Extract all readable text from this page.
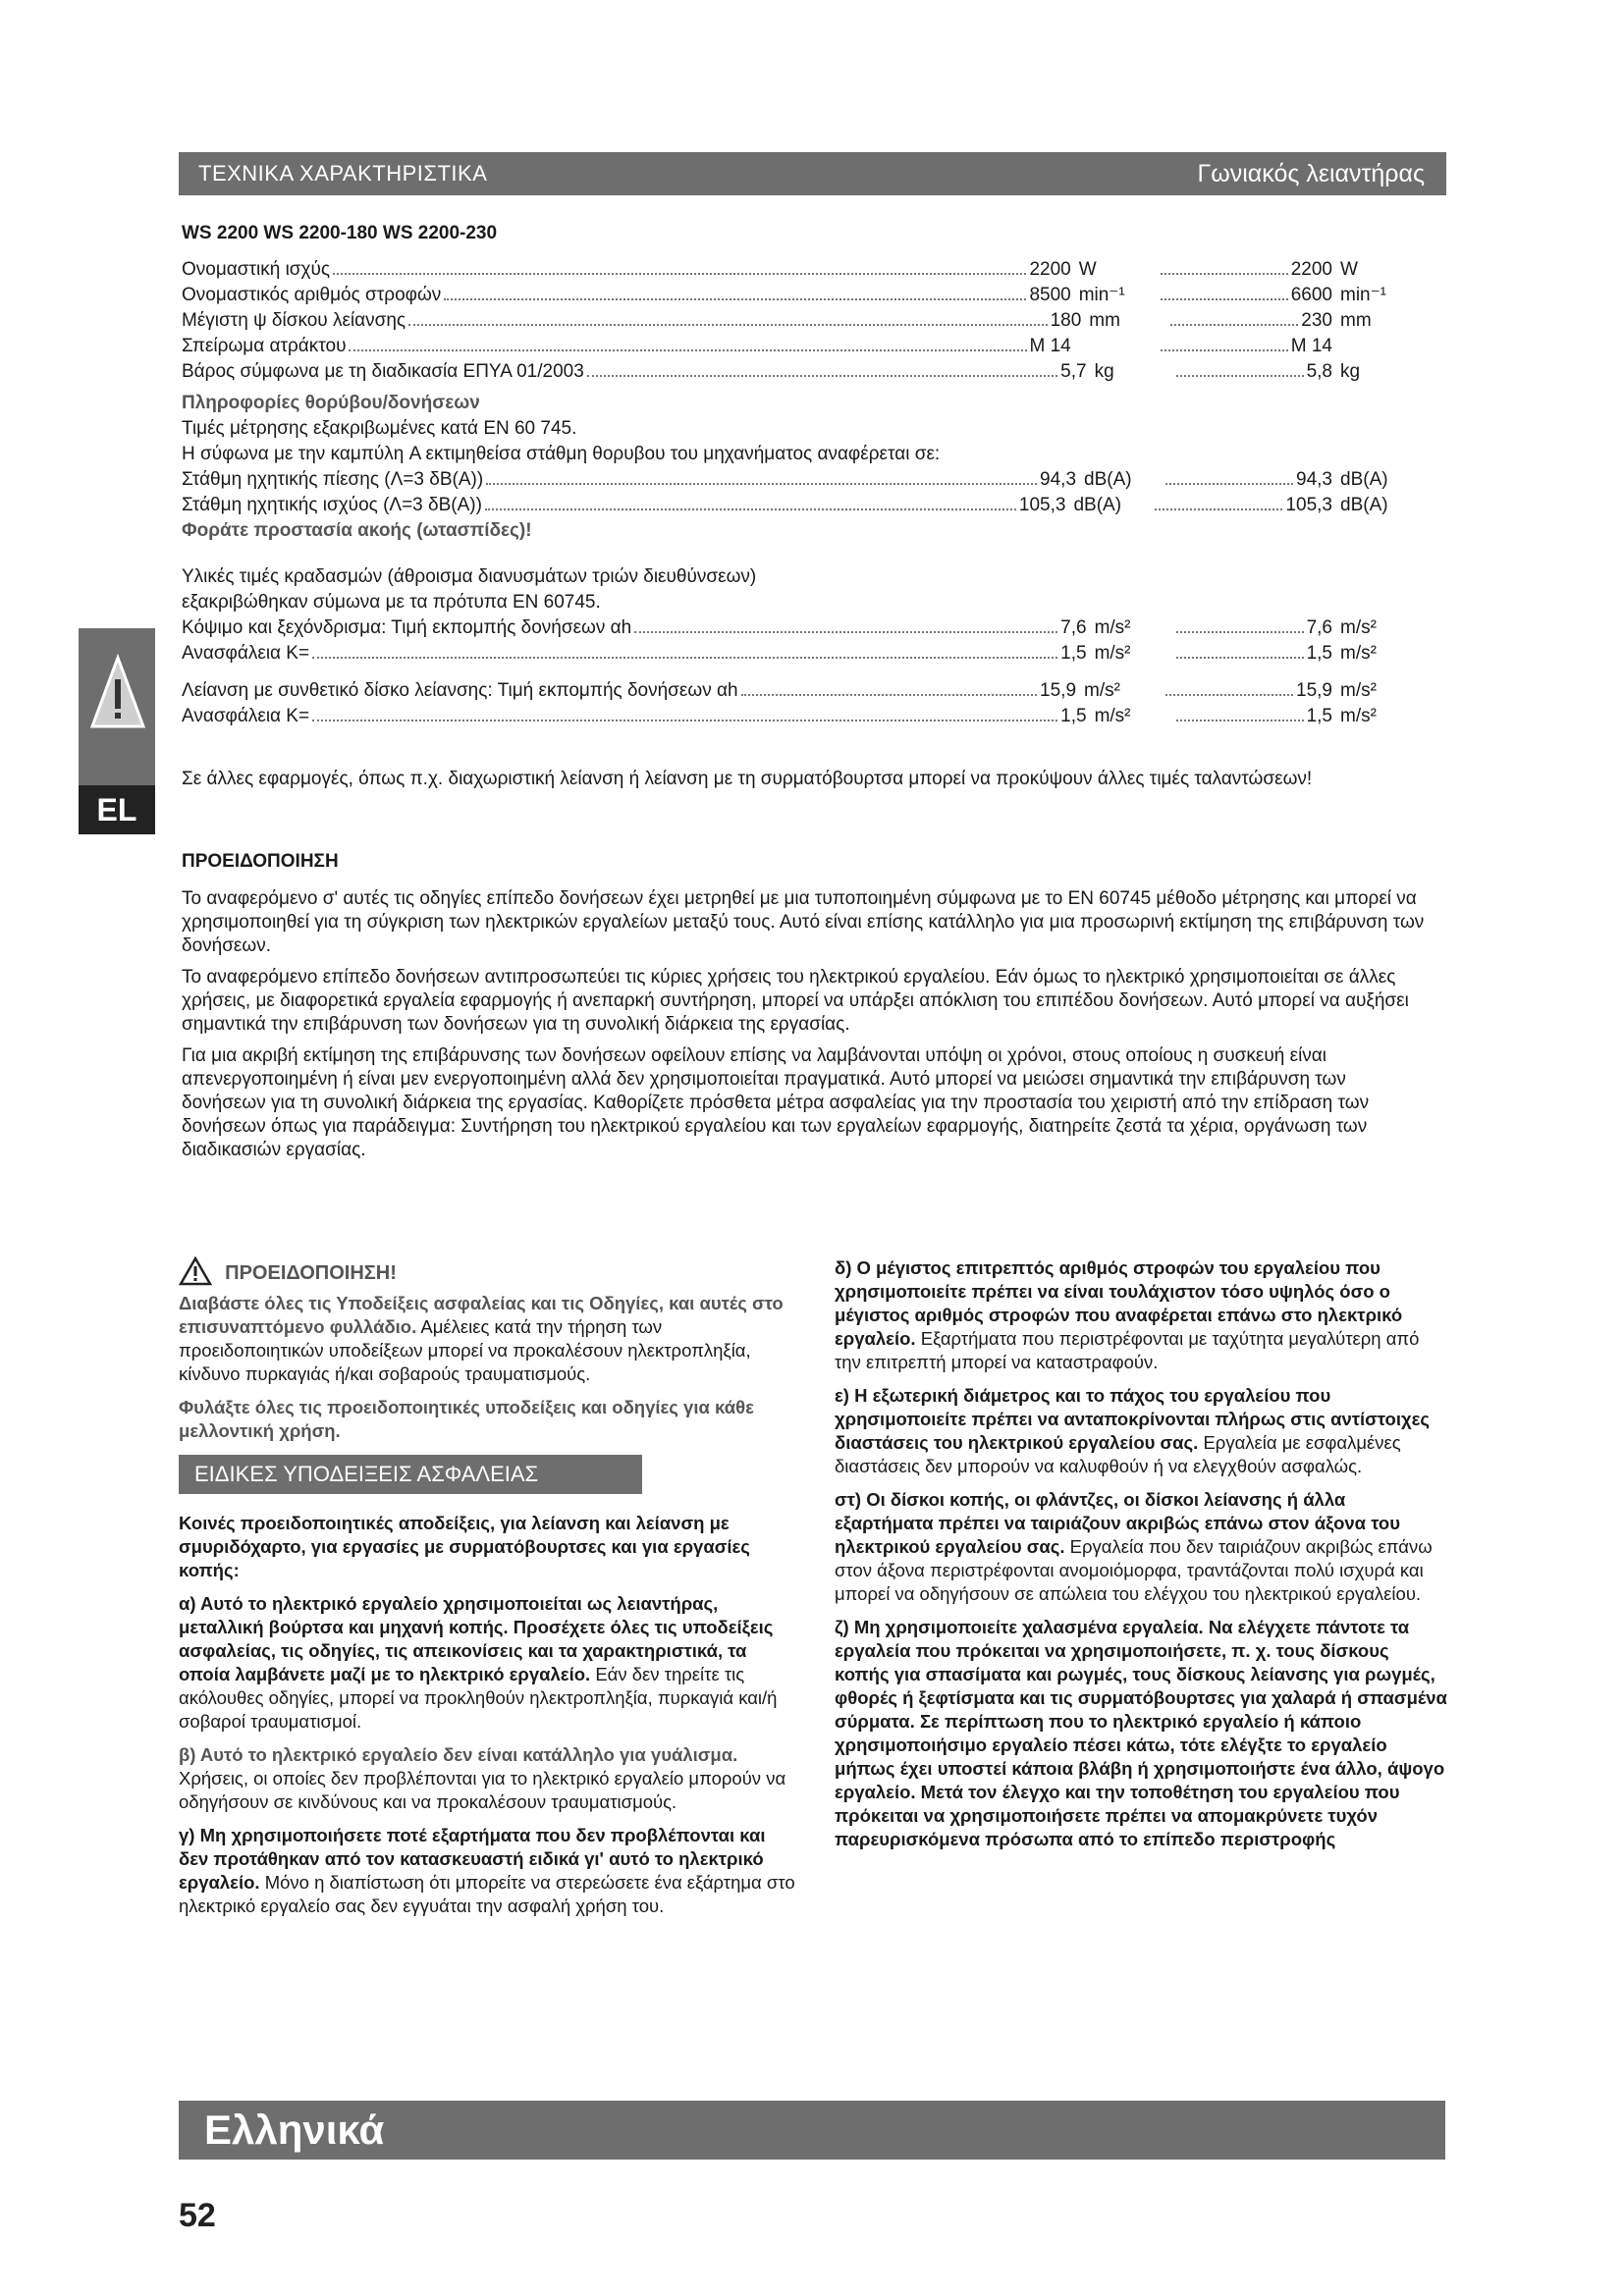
ΤΕΧΝΙΚΑ ΧΑΡΑΚΤΗΡΙΣΤΙΚΑ	Γωνιακός λειαντήρας
WS 2200 WS 2200-180 WS 2200-230
Ονομαστική ισχύς	2200 W	2200 W
Ονομαστικός αριθμός στροφών	8500 min⁻¹	6600 min⁻¹
Μέγιστη ψ δίσκου λείανσης	180 mm	230 mm
Σπείρωμα ατράκτου	M 14	M 14
Βάρος σύμφωνα με τη διαδικασία ΕΠΥΑ 01/2003	5,7 kg	5,8 kg
Πληροφορίες θορύβου/δονήσεων
Τιμές μέτρησης εξακριβωμένες κατά EN 60 745.
Η σύφωνα με την καμπύλη A εκτιμηθείσα στάθμη θορυβου του μηχανήματος αναφέρεται σε:
Στάθμη ηχητικής πίεσης (Λ=3 δB(A))	94,3 dB(A)	94,3 dB(A)
Στάθμη ηχητικής ισχύος (Λ=3 δB(A))	105,3 dB(A)	105,3 dB(A)
Φοράτε προστασία ακοής (ωτασπίδες)!
Υλικές τιμές κραδασμών (άθροισμα διανυσμάτων τριών διευθύνσεων)
εξακριβώθηκαν σύμωνα με τα πρότυπα EN 60745.
Κόψιμο και ξεχόνδρισμα: Τιμή εκπομπής δονήσεων αh	7,6 m/s²	7,6 m/s²
Ανασφάλεια K=	1,5 m/s²	1,5 m/s²
Λείανση με συνθετικό δίσκο λείανσης: Τιμή εκπομπής δονήσεων αh	15,9 m/s²	15,9 m/s²
Ανασφάλεια K=	1,5 m/s²	1,5 m/s²
Σε άλλες εφαρμογές, όπως π.χ. διαχωριστική λείανση ή λείανση με τη συρματόβουρτσα μπορεί να προκύψουν άλλες τιμές ταλαντώσεων!
EL
ΠΡΟΕΙΔΟΠΟΙΗΣΗ
Το αναφερόμενο σ' αυτές τις οδηγίες επίπεδο δονήσεων έχει μετρηθεί με μια τυποποιημένη σύμφωνα με το EN 60745 μέθοδο μέτρησης και μπορεί να χρησιμοποιηθεί για τη σύγκριση των ηλεκτρικών εργαλείων μεταξύ τους. Αυτό είναι επίσης κατάλληλο για μια προσωρινή εκτίμηση της επιβάρυνση των δονήσεων.
Το αναφερόμενο επίπεδο δονήσεων αντιπροσωπεύει τις κύριες χρήσεις του ηλεκτρικού εργαλείου. Εάν όμως το ηλεκτρικό χρησιμοποιείται σε άλλες χρήσεις, με διαφορετικά εργαλεία εφαρμογής ή ανεπαρκή συντήρηση, μπορεί να υπάρξει απόκλιση του επιπέδου δονήσεων. Αυτό μπορεί να αυξήσει σημαντικά την επιβάρυνση των δονήσεων για τη συνολική διάρκεια της εργασίας.
Για μια ακριβή εκτίμηση της επιβάρυνσης των δονήσεων οφείλουν επίσης να λαμβάνονται υπόψη οι χρόνοι, στους οποίους η συσκευή είναι απενεργοποιημένη ή είναι μεν ενεργοποιημένη αλλά δεν χρησιμοποιείται πραγματικά. Αυτό μπορεί να μειώσει σημαντικά την επιβάρυνση των δονήσεων για τη συνολική διάρκεια της εργασίας. Καθορίζετε πρόσθετα μέτρα ασφαλείας για την προστασία του χειριστή από την επίδραση των δονήσεων όπως για παράδειγμα: Συντήρηση του ηλεκτρικού εργαλείου και των εργαλείων εφαρμογής, διατηρείτε ζεστά τα χέρια, οργάνωση των διαδικασιών εργασίας.

ΠΡΟΕΙΔΟΠΟΙΗΣΗ!
Διαβάστε όλες τις Υποδείξεις ασφαλείας και τις Οδηγίες, και αυτές στο επισυναπτόμενο φυλλάδιο. Αμέλειες κατά την τήρηση των προειδοποιητικών υποδείξεων μπορεί να προκαλέσουν ηλεκτροπληξία, κίνδυνο πυρκαγιάς ή/και σοβαρούς τραυματισμούς.

Φυλάξτε όλες τις προειδοποιητικές υποδείξεις και οδηγίες για κάθε μελλοντική χρήση.

ΕΙΔΙΚΕΣ ΥΠΟΔΕΙΞΕΙΣ ΑΣΦΑΛΕΙΑΣ

Κοινές προειδοποιητικές αποδείξεις, για λείανση και λείανση με σμυριδόχαρτο, για εργασίες με συρματόβουρτσες και για εργασίες κοπής:

α) Αυτό το ηλεκτρικό εργαλείο χρησιμοποιείται ως λειαντήρας, μεταλλική βούρτσα και μηχανή κοπής. Προσέχετε όλες τις υποδείξεις ασφαλείας, τις οδηγίες, τις απεικονίσεις και τα χαρακτηριστικά, τα οποία λαμβάνετε μαζί με το ηλεκτρικό εργαλείο. Εάν δεν τηρείτε τις ακόλουθες οδηγίες, μπορεί να προκληθούν ηλεκτροπληξία, πυρκαγιά και/ή σοβαροί τραυματισμοί.

β) Αυτό το ηλεκτρικό εργαλείο δεν είναι κατάλληλο για γυάλισμα. Χρήσεις, οι οποίες δεν προβλέπονται για το ηλεκτρικό εργαλείο μπορούν να οδηγήσουν σε κινδύνους και να προκαλέσουν τραυματισμούς.

γ) Μη χρησιμοποιήσετε ποτέ εξαρτήματα που δεν προβλέπονται και δεν προτάθηκαν από τον κατασκευαστή ειδικά γι' αυτό το ηλεκτρικό εργαλείο. Μόνο η διαπίστωση ότι μπορείτε να στερεώσετε ένα εξάρτημα στο ηλεκτρικό εργαλείο σας δεν εγγυάται την ασφαλή χρήση του.

δ) Ο μέγιστος επιτρεπτός αριθμός στροφών του εργαλείου που χρησιμοποιείτε πρέπει να είναι τουλάχιστον τόσο υψηλός όσο ο μέγιστος αριθμός στροφών που αναφέρεται επάνω στο ηλεκτρικό εργαλείο. Εξαρτήματα που περιστρέφονται με ταχύτητα μεγαλύτερη από την επιτρεπτή μπορεί να καταστραφούν.

ε) Η εξωτερική διάμετρος και το πάχος του εργαλείου που χρησιμοποιείτε πρέπει να ανταποκρίνονται πλήρως στις αντίστοιχες διαστάσεις του ηλεκτρικού εργαλείου σας. Εργαλεία με εσφαλμένες διαστάσεις δεν μπορούν να καλυφθούν ή να ελεγχθούν ασφαλώς.

στ) Οι δίσκοι κοπής, οι φλάντζες, οι δίσκοι λείανσης ή άλλα εξαρτήματα πρέπει να ταιριάζουν ακριβώς επάνω στον άξονα του ηλεκτρικού εργαλείου σας. Εργαλεία που δεν ταιριάζουν ακριβώς επάνω στον άξονα περιστρέφονται ανομοιόμορφα, τραντάζονται πολύ ισχυρά και μπορεί να οδηγήσουν σε απώλεια του ελέγχου του ηλεκτρικού εργαλείου.

ζ) Μη χρησιμοποιείτε χαλασμένα εργαλεία. Να ελέγχετε πάντοτε τα εργαλεία που πρόκειται να χρησιμοποιήσετε, π. χ. τους δίσκους κοπής για σπασίματα και ρωγμές, τους δίσκους λείανσης για ρωγμές, φθορές ή ξεφτίσματα και τις συρματόβουρτσες για χαλαρά ή σπασμένα σύρματα. Σε περίπτωση που το ηλεκτρικό εργαλείο ή κάποιο χρησιμοποιήσιμο εργαλείο πέσει κάτω, τότε ελέγξτε το εργαλείο μήπως έχει υποστεί κάποια βλάβη ή χρησιμοποιήστε ένα άλλο, άψογο εργαλείο. Μετά τον έλεγχο και την τοποθέτηση του εργαλείου που πρόκειται να χρησιμοποιήσετε πρέπει να απομακρύνετε τυχόν παρευρισκόμενα πρόσωπα από το επίπεδο περιστροφής

Ελληνικά
52
